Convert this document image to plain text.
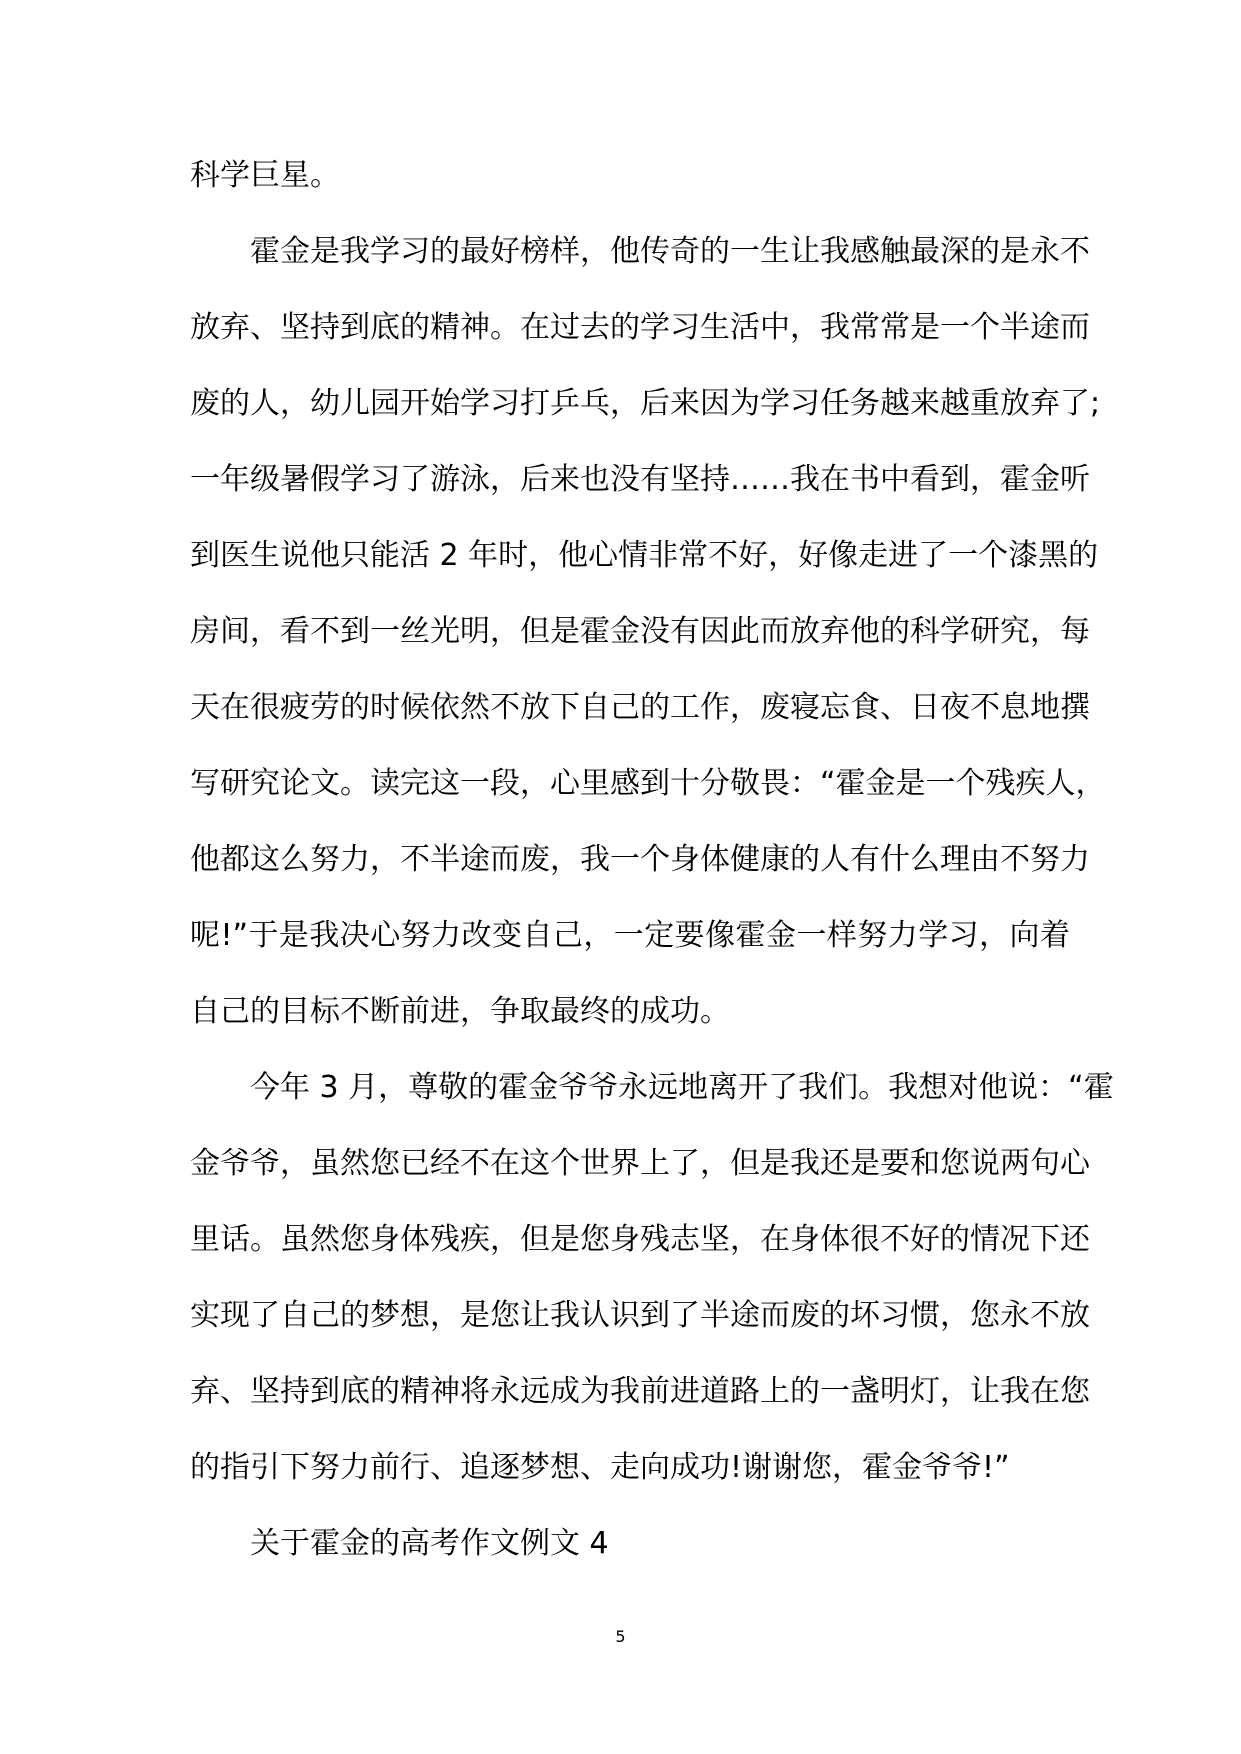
科学巨星。
霍金是我学习的最好榜样，他传奇的一生让我感触最深的是永不
放弃、坚持到底的精神。在过去的学习生活中，我常常是一个半途而
废的人，幼儿园开始学习打乒乓，后来因为学习任务越来越重放弃了;
一年级暑假学习了游泳，后来也没有坚持……我在书中看到，霍金听
到医生说他只能活 2 年时，他心情非常不好，好像走进了一个漆黑的
房间，看不到一丝光明，但是霍金没有因此而放弃他的科学研究，每
天在很疲劳的时候依然不放下自己的工作，废寝忘食、日夜不息地撰
写研究论文。读完这一段，心里感到十分敬畏：“霍金是一个残疾人，
他都这么努力，不半途而废，我一个身体健康的人有什么理由不努力
呢!”于是我决心努力改变自己，一定要像霍金一样努力学习，向着
自己的目标不断前进，争取最终的成功。
今年 3 月，尊敬的霍金爷爷永远地离开了我们。我想对他说：“霍
金爷爷，虽然您已经不在这个世界上了，但是我还是要和您说两句心
里话。虽然您身体残疾，但是您身残志坚，在身体很不好的情况下还
实现了自己的梦想，是您让我认识到了半途而废的坏习惯，您永不放
弃、坚持到底的精神将永远成为我前进道路上的一盏明灯，让我在您
的指引下努力前行、追逐梦想、走向成功!谢谢您，霍金爷爷!”
关于霍金的高考作文例文 4
5
